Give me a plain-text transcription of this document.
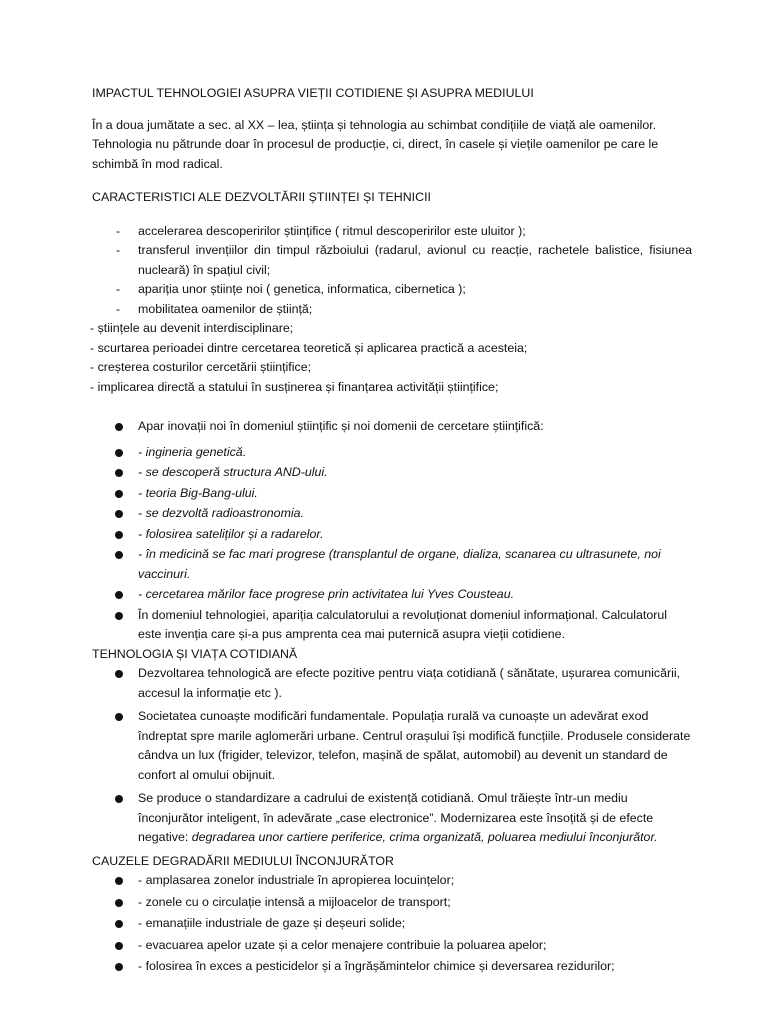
IMPACTUL TEHNOLOGIEI ASUPRA VIEȚII COTIDIENE ȘI ASUPRA MEDIULUI
În a doua jumătate a sec. al XX – lea, știința și tehnologia au schimbat condițiile de viață ale oamenilor. Tehnologia nu pătrunde doar în procesul de producție, ci, direct, în casele și viețile oamenilor pe care le schimbă în mod radical.
CARACTERISTICI ALE DEZVOLTĂRII ȘTIINȚEI ȘI TEHNICII
- accelerarea descoperirilor științifice ( ritmul descoperirilor este uluitor );
- transferul invențiilor din timpul războiului (radarul, avionul cu reacție, rachetele balistice, fisiunea nucleară) în spațiul civil;
- apariția unor științe noi ( genetica, informatica, cibernetica );
- mobilitatea oamenilor de știință;
- științele au devenit interdisciplinare;
- scurtarea perioadei dintre cercetarea teoretică și aplicarea practică a acesteia;
- creșterea costurilor cercetării științifice;
- implicarea directă a statului în susținerea și finanțarea activității științifice;
Apar inovații noi în domeniul științific și noi domenii de cercetare științifică:
- ingineria genetică.
- se descoperă structura AND-ului.
- teoria Big-Bang-ului.
- se dezvoltă radioastronomia.
- folosirea sateliților și a radarelor.
- în medicină se fac mari progrese (transplantul de organe, dializa, scanarea cu ultrasunete, noi vaccinuri.
- cercetarea mărilor face progrese prin activitatea lui Yves Cousteau.
În domeniul tehnologiei, apariția calculatorului a revoluționat domeniul informațional. Calculatorul este invenția care și-a pus amprenta cea mai puternică asupra vieții cotidiene.
TEHNOLOGIA ȘI VIAȚA COTIDIANĂ
Dezvoltarea tehnologică are efecte pozitive pentru viața cotidiană ( sănătate, ușurarea comunicării, accesul la informație etc ).
Societatea cunoaște modificări fundamentale. Populația rurală va cunoaște un adevărat exod îndreptat spre marile aglomerări urbane. Centrul orașului își modifică funcțiile. Produsele considerate cândva un lux (frigider, televizor, telefon, mașină de spălat, automobil) au devenit un standard de confort al omului obijnuit.
Se produce o standardizare a cadrului de existență cotidiană. Omul trăiește într-un mediu înconjurător inteligent, în adevărate „case electronice”. Modernizarea este însoțită și de efecte negative: degradarea unor cartiere periferice, crima organizată, poluarea mediului înconjurător.
CAUZELE DEGRADĂRII MEDIULUI ÎNCONJURĂTOR
- amplasarea zonelor industriale în apropierea locuințelor;
- zonele cu o circulație intensă a mijloacelor de transport;
- emanațiile industriale de gaze și deșeuri solide;
- evacuarea apelor uzate și a celor menajere contribuie la poluarea apelor;
- folosirea în exces a pesticidelor și a îngrășămintelor chimice și deversarea rezidurilor;
